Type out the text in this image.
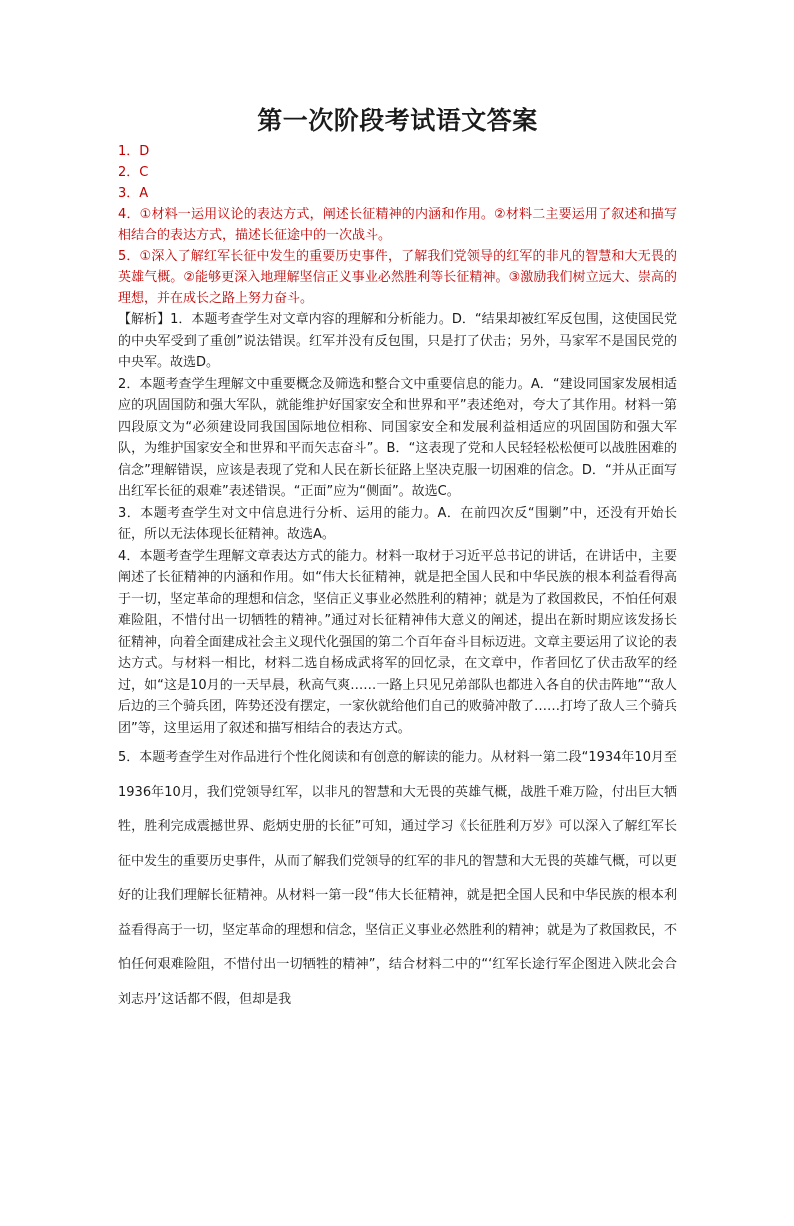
第一次阶段考试语文答案
1．D
2．C
3．A
4．①材料一运用议论的表达方式，阐述长征精神的内涵和作用。②材料二主要运用了叙述和描写相结合的表达方式，描述长征途中的一次战斗。
5．①深入了解红军长征中发生的重要历史事件，了解我们党领导的红军的非凡的智慧和大无畏的英雄气概。②能够更深入地理解坚信正义事业必然胜利等长征精神。③激励我们树立远大、崇高的理想，并在成长之路上努力奋斗。

【解析】1．本题考查学生对文章内容的理解和分析能力。D．“结果却被红军反包围，这使国民党的中央军受到了重创”说法错误。红军并没有反包围，只是打了伏击；另外，马家军不是国民党的中央军。故选D。

2．本题考查学生理解文中重要概念及筛选和整合文中重要信息的能力。A．“建设同国家发展相适应的巩固国防和强大军队，就能维护好国家安全和世界和平”表述绝对，夸大了其作用。材料一第四段原文为“必须建设同我国国际地位相称、同国家安全和发展利益相适应的巩固国防和强大军队，为维护国家安全和世界和平而矢志奋斗”。B．“这表现了党和人民轻轻松松便可以战胜困难的信念”理解错误，应该是表现了党和人民在新长征路上坚决克服一切困难的信念。D．“并从正面写出红军长征的艰难”表述错误。“正面”应为“侧面”。故选C。

3．本题考查学生对文中信息进行分析、运用的能力。A．在前四次反“围剿”中，还没有开始长征，所以无法体现长征精神。故选A。

4．本题考查学生理解文章表达方式的能力。材料一取材于习近平总书记的讲话，在讲话中，主要阐述了长征精神的内涵和作用。如“伟大长征精神，就是把全国人民和中华民族的根本利益看得高于一切，坚定革命的理想和信念，坚信正义事业必然胜利的精神；就是为了救国救民，不怕任何艰难险阻，不惜付出一切牺牲的精神。”通过对长征精神伟大意义的阐述，提出在新时期应该发扬长征精神，向着全面建成社会主义现代化强国的第二个百年奋斗目标迈进。文章主要运用了议论的表达方式。与材料一相比，材料二选自杨成武将军的回忆录，在文章中，作者回忆了伏击敌军的经过，如“这是10月的一天早晨，秋高气爽……一路上只见兄弟部队也都进入各自的伏击阵地”“敌人后边的三个骑兵团，阵势还没有摆定，一家伙就给他们自己的败骑冲散了……打垮了敌人三个骑兵团”等，这里运用了叙述和描写相结合的表达方式。

5．本题考查学生对作品进行个性化阅读和有创意的解读的能力。从材料一第二段“1934年10月至1936年10月，我们党领导红军，以非凡的智慧和大无畏的英雄气概，战胜千难万险，付出巨大牺牲，胜利完成震撼世界、彪炳史册的长征”可知，通过学习《长征胜利万岁》可以深入了解红军长征中发生的重要历史事件，从而了解我们党领导的红军的非凡的智慧和大无畏的英雄气概，可以更好的让我们理解长征精神。从材料一第一段“伟大长征精神，就是把全国人民和中华民族的根本利益看得高于一切，坚定革命的理想和信念，坚信正义事业必然胜利的精神；就是为了救国救民，不怕任何艰难险阻，不惜付出一切牺牲的精神”，结合材料二中的“‘红军长途行军企图进入陕北会合刘志丹’这话都不假，但却是我
